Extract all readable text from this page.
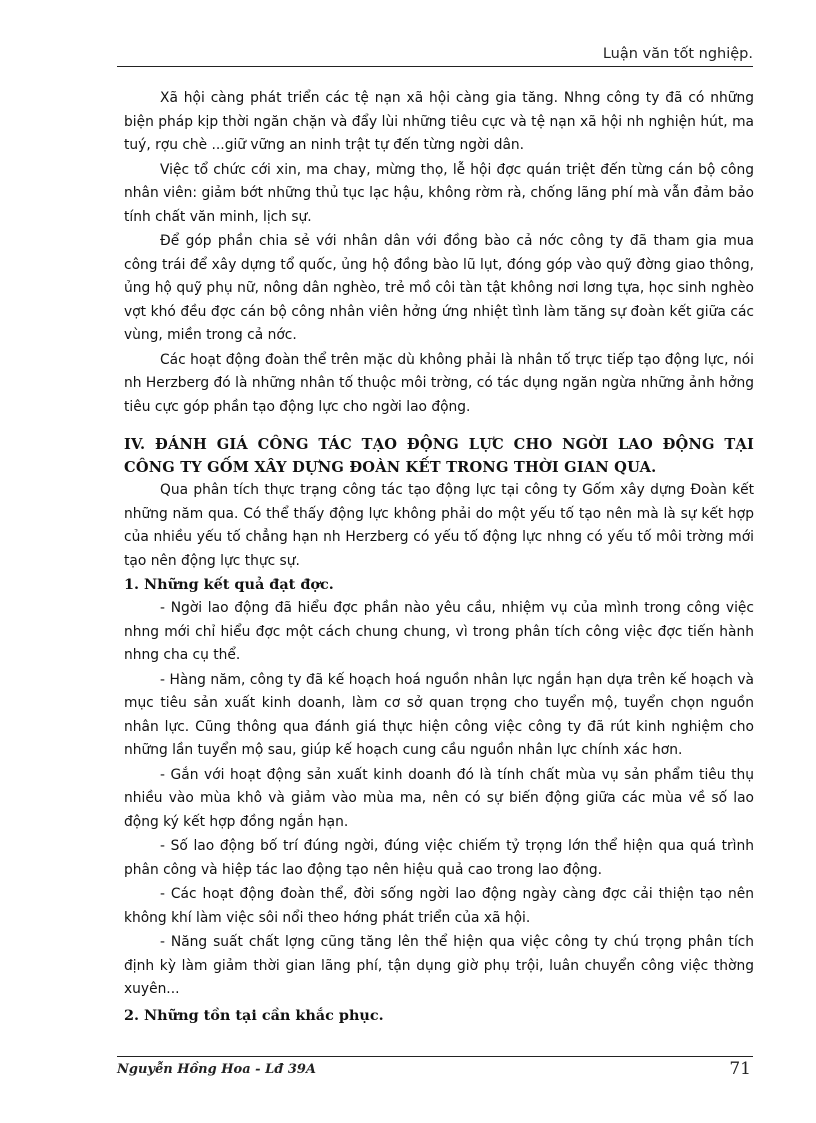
Luận văn tốt nghiệp.

Xã hội càng phát triển các tệ nạn xã hội càng gia tăng. Nhng công ty đã có những biện pháp kịp thời ngăn chặn và đẩy lùi những tiêu cực và tệ nạn xã hội nh nghiện hút, ma tuý, rợu chè ...giữ vững an ninh trật tự đến từng ngời dân.

Việc tổ chức cới xin, ma chay, mừng thọ, lễ hội đợc quán triệt đến từng cán bộ công nhân viên: giảm bớt những thủ tục lạc hậu, không rờm rà, chống lãng phí mà vẫn đảm bảo tính chất văn minh, lịch sự.

Để góp phần chia sẻ với nhân dân với đồng bào cả nớc công ty đã tham gia mua công trái để xây dựng tổ quốc, ủng hộ đồng bào lũ lụt, đóng góp vào quỹ đờng giao thông, ủng hộ quỹ phụ nữ, nông dân nghèo, trẻ mồ côi tàn tật không nơi lơng tựa, học sinh nghèo vợt khó đều đợc cán bộ công nhân viên hởng ứng nhiệt tình làm tăng sự đoàn kết giữa các vùng, miền trong cả nớc.

Các hoạt động đoàn thể trên mặc dù không phải là nhân tố trực tiếp tạo động lực, nói nh Herzberg đó là những nhân tố thuộc môi trờng, có tác dụng ngăn ngừa những ảnh hởng tiêu cực góp phần tạo động lực cho ngời lao động.

IV. ĐÁNH GIÁ CÔNG TÁC TẠO ĐỘNG LỰC CHO NGỜI LAO ĐỘNG TẠI CÔNG TY GỐM XÂY DỰNG ĐOÀN KẾT TRONG THỜI GIAN QUA.

Qua phân tích thực trạng công tác tạo động lực tại công ty Gốm xây dựng Đoàn kết những năm qua. Có thể thấy động lực không phải do một yếu tố tạo nên mà là sự kết hợp của nhiều yếu tố chẳng hạn nh Herzberg có yếu tố động lực nhng có yếu tố môi trờng mới tạo nên động lực thực sự.

1. Những kết quả đạt đợc.

- Ngời lao động đã hiểu đợc phần nào yêu cầu, nhiệm vụ của mình trong công việc nhng mới chỉ hiểu đợc một cách chung chung, vì trong phân tích công việc đợc tiến hành nhng cha cụ thể.

- Hàng năm, công ty đã kế hoạch hoá nguồn nhân lực ngắn hạn dựa trên kế hoạch và mục tiêu sản xuất kinh doanh, làm cơ sở quan trọng cho tuyển mộ, tuyển chọn nguồn nhân lực. Cũng thông qua đánh giá thực hiện công việc công ty đã rút kinh nghiệm cho những lần tuyển mộ sau, giúp kế hoạch cung cầu nguồn nhân lực chính xác hơn.

- Gắn với hoạt động sản xuất kinh doanh đó là tính chất mùa vụ sản phẩm tiêu thụ nhiều vào mùa khô và giảm vào mùa ma, nên có sự biến động giữa các mùa về số lao động ký kết hợp đồng ngắn hạn.

- Số lao động bố trí đúng ngời, đúng việc chiếm tỷ trọng lớn thể hiện qua quá trình phân công và hiệp tác lao động tạo nên hiệu quả cao trong lao động.

- Các hoạt động đoàn thể, đời sống ngời lao động ngày càng đợc cải thiện tạo nên không khí làm việc sôi nổi theo hớng phát triển của xã hội.

- Năng suất chất lợng cũng tăng lên thể hiện qua việc công ty chú trọng phân tích định kỳ làm giảm thời gian lãng phí, tận dụng giờ phụ trội, luân chuyển công việc thờng xuyên...

2. Những tồn tại cần khắc phục.
Nguyễn Hồng Hoa - Lđ 39A	71
